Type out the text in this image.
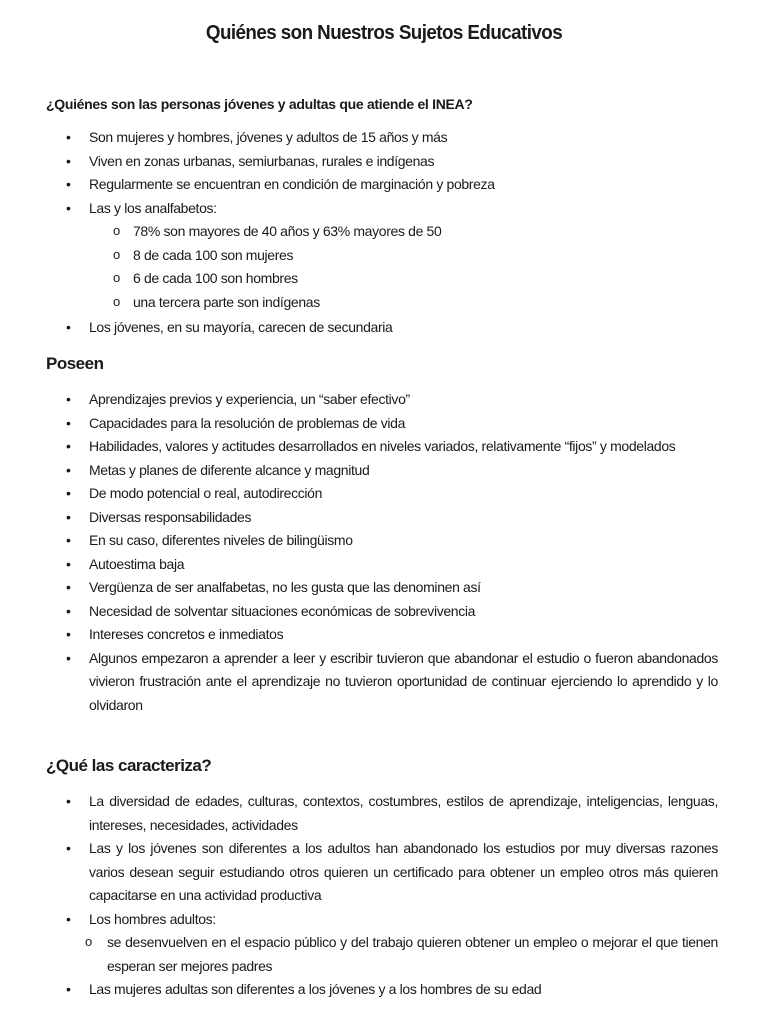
Quiénes son Nuestros Sujetos Educativos
¿Quiénes son las personas jóvenes y adultas que atiende el INEA?
• Son mujeres y hombres, jóvenes y adultos de 15 años y más
• Viven en zonas urbanas, semiurbanas, rurales e indígenas
• Regularmente se encuentran en condición de marginación y pobreza
• Las y los analfabetos:
o 78% son mayores de 40 años y 63% mayores de 50
o 8 de cada 100 son mujeres
o 6 de cada 100 son hombres
o una tercera parte son indígenas
• Los jóvenes, en su mayoría, carecen de secundaria
Poseen
• Aprendizajes previos y experiencia, un “saber efectivo”
• Capacidades para la resolución de problemas de vida
• Habilidades, valores y actitudes desarrollados en niveles variados, relativamente “fijos” y modelados
• Metas y planes de diferente alcance y magnitud
• De modo potencial o real, autodirección
• Diversas responsabilidades
• En su caso, diferentes niveles de bilingüismo
• Autoestima baja
• Vergüenza de ser analfabetas, no les gusta que las denominen así
• Necesidad de solventar situaciones económicas de sobrevivencia
• Intereses concretos e inmediatos
• Algunos empezaron a aprender a leer y escribir tuvieron que abandonar el estudio o fueron abandonados vivieron frustración ante el aprendizaje no tuvieron oportunidad de continuar ejerciendo lo aprendido y lo olvidaron
¿Qué las caracteriza?
• La diversidad de edades, culturas, contextos, costumbres, estilos de aprendizaje, inteligencias, lenguas, intereses, necesidades, actividades
• Las y los jóvenes son diferentes a los adultos han abandonado los estudios por muy diversas razones varios desean seguir estudiando otros quieren un certificado para obtener un empleo otros más quieren capacitarse en una actividad productiva
• Los hombres adultos:
o se desenvuelven en el espacio público y del trabajo quieren obtener un empleo o mejorar el que tienen esperan ser mejores padres
• Las mujeres adultas son diferentes a los jóvenes y a los hombres de su edad
